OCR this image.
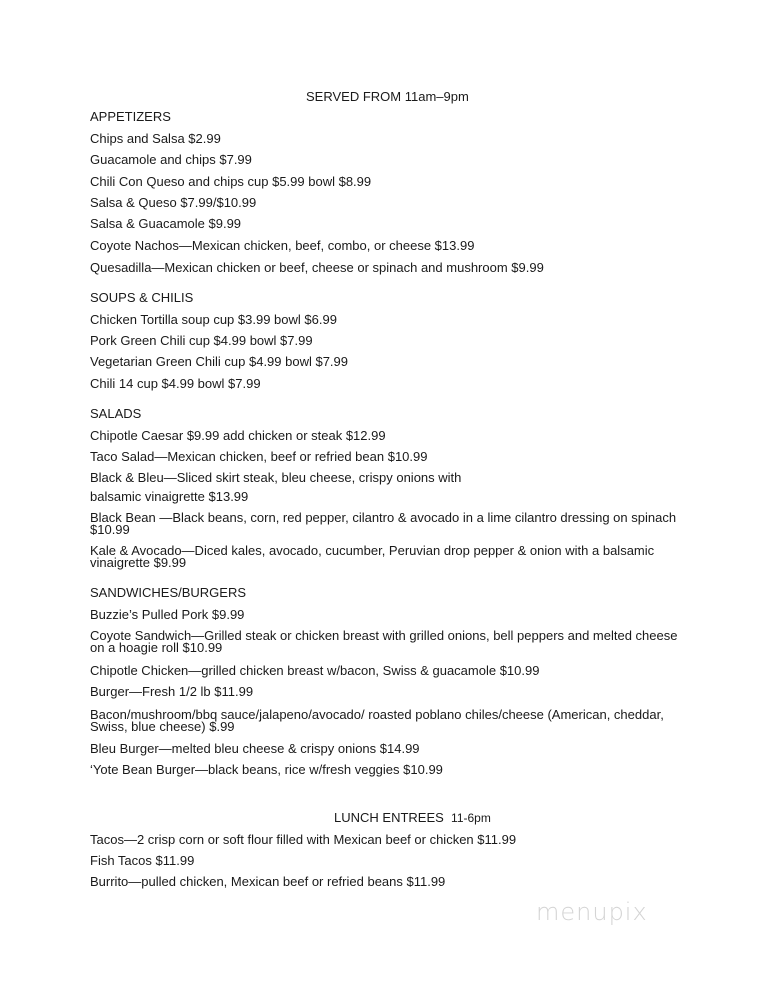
SERVED FROM 11am–9pm
APPETIZERS
Chips and Salsa $2.99
Guacamole and chips $7.99
Chili Con Queso and chips cup $5.99 bowl $8.99
Salsa & Queso $7.99/$10.99
Salsa & Guacamole $9.99
Coyote Nachos—Mexican chicken, beef, combo, or cheese $13.99
Quesadilla—Mexican chicken or beef, cheese or spinach and mushroom $9.99
SOUPS & CHILIS
Chicken Tortilla soup cup $3.99 bowl $6.99
Pork Green Chili cup $4.99 bowl $7.99
Vegetarian Green Chili cup $4.99 bowl $7.99
Chili 14 cup $4.99 bowl $7.99
SALADS
Chipotle Caesar $9.99 add chicken or steak $12.99
Taco Salad—Mexican chicken, beef or refried bean $10.99
Black & Bleu—Sliced skirt steak, bleu cheese, crispy onions with
balsamic vinaigrette $13.99
Black Bean —Black beans, corn, red pepper, cilantro & avocado in a lime cilantro dressing on spinach
$10.99
Kale & Avocado—Diced kales, avocado, cucumber, Peruvian drop pepper & onion with a balsamic
vinaigrette $9.99
SANDWICHES/BURGERS
Buzzie’s Pulled Pork $9.99
Coyote Sandwich—Grilled steak or chicken breast with grilled onions, bell peppers and melted cheese
on a hoagie roll $10.99
Chipotle Chicken—grilled chicken breast w/bacon, Swiss & guacamole $10.99
Burger—Fresh 1/2 lb $11.99
Bacon/mushroom/bbq sauce/jalapeno/avocado/ roasted poblano chiles/cheese (American, cheddar,
Swiss, blue cheese) $.99
Bleu Burger—melted bleu cheese & crispy onions $14.99
‘Yote Bean Burger—black beans, rice w/fresh veggies $10.99
LUNCH ENTREES 11-6pm
Tacos—2 crisp corn or soft flour filled with Mexican beef or chicken $11.99
Fish Tacos $11.99
Burrito—pulled chicken, Mexican beef or refried beans $11.99
menupix
